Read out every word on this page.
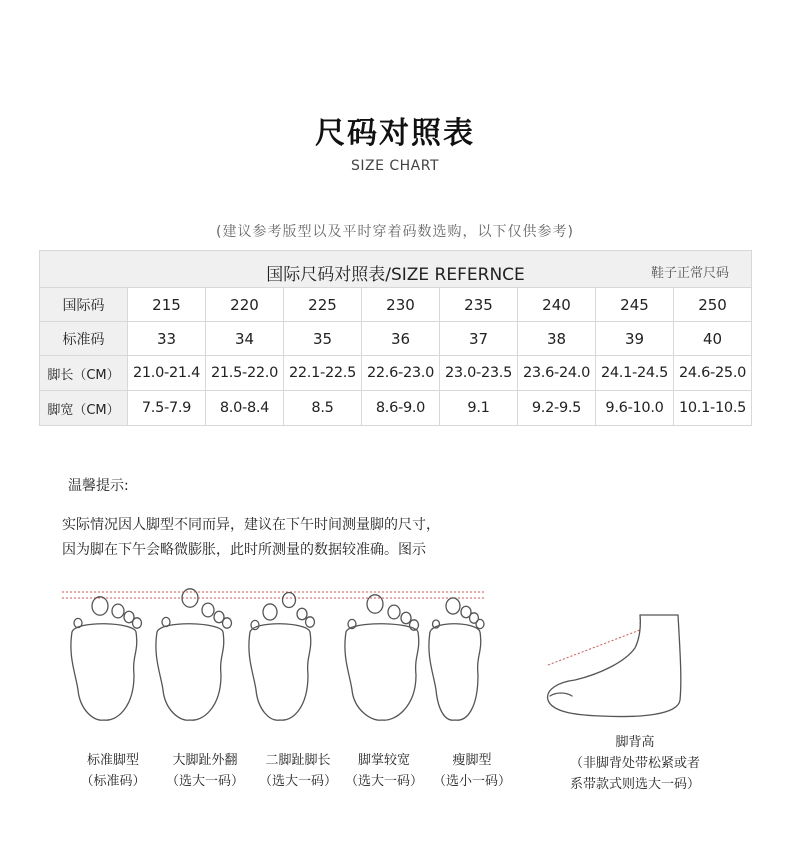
尺码对照表
SIZE CHART
(建议参考版型以及平时穿着码数选购，以下仅供参考)
国际尺码对照表/SIZE REFERNCE 鞋子正常尺码								

国际码	215	220	225	230	235	240	245	250
标准码	33	34	35	36	37	38	39	40
脚长（CM）	21.0-21.4	21.5-22.0	22.1-22.5	22.6-23.0	23.0-23.5	23.6-24.0	24.1-24.5	24.6-25.0
脚宽（CM）	7.5-7.9	8.0-8.4	8.5	8.6-9.0	9.1	9.2-9.5	9.6-10.0	10.1-10.5
温馨提示:
实际情况因人脚型不同而异，建议在下午时间测量脚的尺寸，
因为脚在下午会略微膨胀，此时所测量的数据较准确。图示
标准脚型
（标准码）
大脚趾外翻
（选大一码）
二脚趾脚长
（选大一码）
脚掌较宽
（选大一码）
瘦脚型
（选小一码）
脚背高
（非脚背处带松紧或者
系带款式则选大一码）
